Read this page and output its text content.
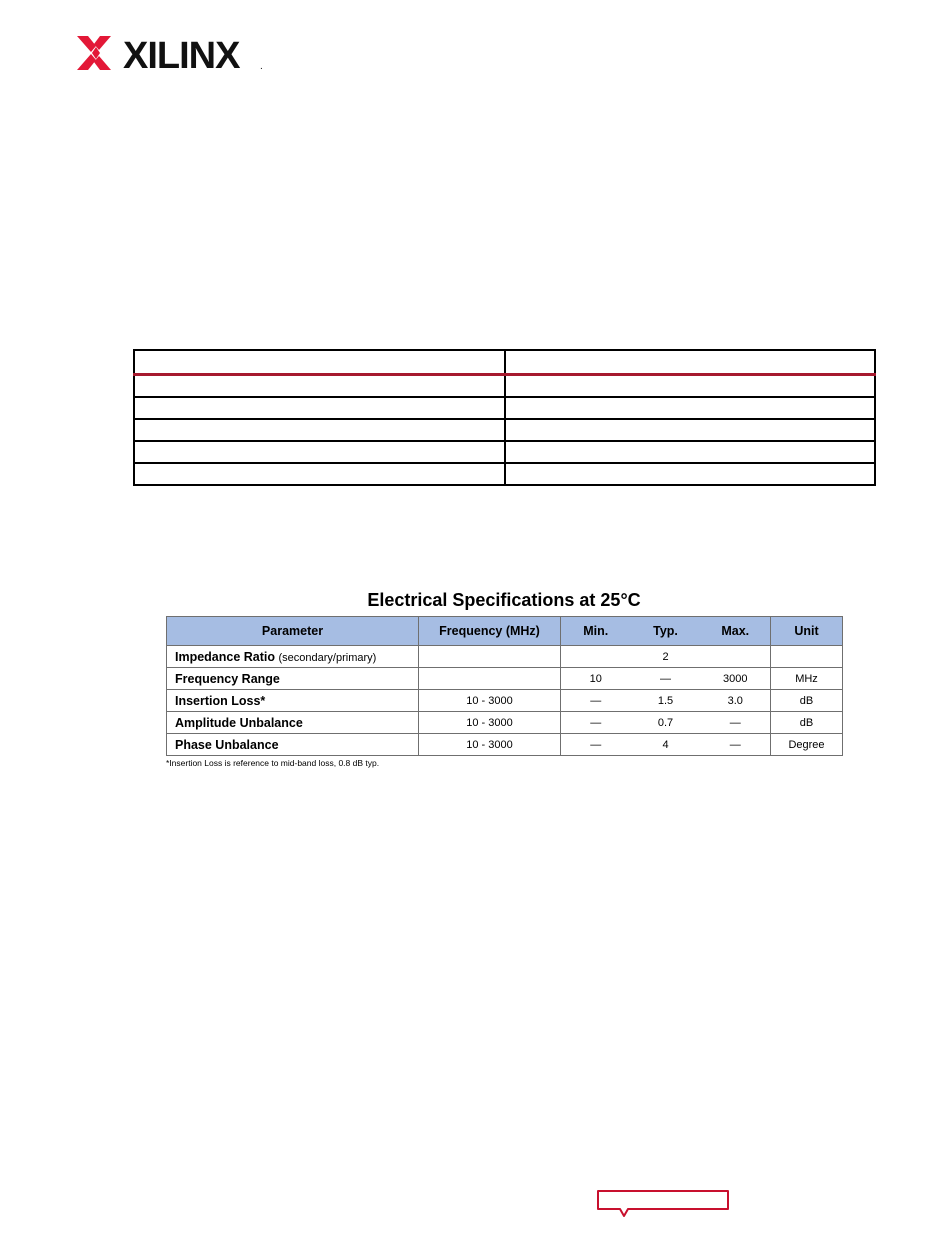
XILINX .

Electrical Specifications at 25°C
Parameter	Frequency (MHz)	Min.	Typ.	Max.	Unit
Impedance Ratio (secondary/primary)			2		
Frequency Range		10	—	3000	MHz
Insertion Loss*	10 - 3000	—	1.5	3.0	dB
Amplitude Unbalance	10 - 3000	—	0.7	—	dB
Phase Unbalance	10 - 3000	—	4	—	Degree
*Insertion Loss is reference to mid-band loss, 0.8 dB typ.
